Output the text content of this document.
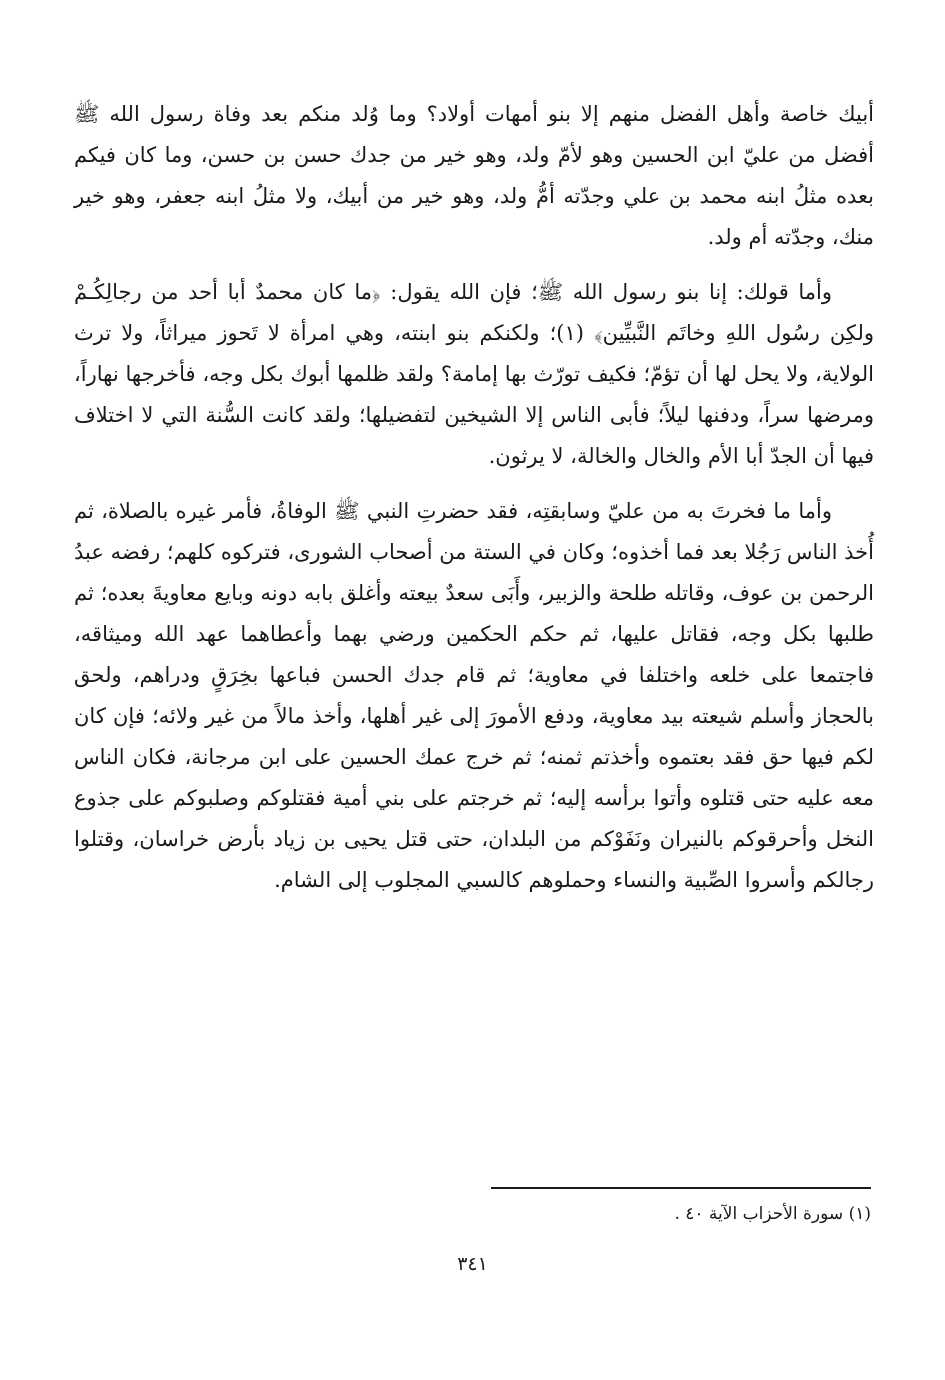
أبيك خاصة وأهل الفضل منهم إلا بنو أمهات أولاد؟ وما وُلد منكم بعد وفاة رسول الله ﷺ أفضل من عليّ ابن الحسين وهو لأمّ ولد، وهو خير من جدك حسن بن حسن، وما كان فيكم بعده مثلُ ابنه محمد بن علي وجدّته أمُّ ولد، وهو خير من أبيك، ولا مثلُ ابنه جعفر، وهو خير منك، وجدّته أم ولد.

وأما قولك: إنا بنو رسول الله ﷺ؛ فإن الله يقول: ﴿ما كان محمدٌ أبا أحد من رجالِكُـمْ ولكِن رسُول اللهِ وخاتَم النَّبيِّين﴾ (١)؛ ولكنكم بنو ابنته، وهي امرأة لا تَحوز ميراثاً، ولا ترث الولاية، ولا يحل لها أن تؤمّ؛ فكيف تورّث بها إمامة؟ ولقد ظلمها أبوك بكل وجه، فأخرجها نهاراً، ومرضها سراً، ودفنها ليلاً؛ فأبى الناس إلا الشيخين لتفضيلها؛ ولقد كانت السُّنة التي لا اختلاف فيها أن الجدّ أبا الأم والخال والخالة، لا يرثون.

وأما ما فخرتَ به من عليّ وسابقتِه، فقد حضرتِ النبي ﷺ الوفاةُ، فأمر غيره بالصلاة، ثم أُخذ الناس رَجُلا بعد فما أخذوه؛ وكان في الستة من أصحاب الشورى، فتركوه كلهم؛ رفضه عبدُ الرحمن بن عوف، وقاتله طلحة والزبير، وأَبَى سعدٌ بيعته وأغلق بابه دونه وبايع معاويةَ بعده؛ ثم طلبها بكل وجه، فقاتل عليها، ثم حكم الحكمين ورضي بهما وأعطاهما عهد الله وميثاقه، فاجتمعا على خلعه واختلفا في معاوية؛ ثم قام جدك الحسن فباعها بخِرَقٍ ودراهم، ولحق بالحجاز وأسلم شيعته بيد معاوية، ودفع الأمورَ إلى غير أهلها، وأخذ مالاً من غير ولائه؛ فإن كان لكم فيها حق فقد بعتموه وأخذتم ثمنه؛ ثم خرج عمك الحسين على ابن مرجانة، فكان الناس معه عليه حتى قتلوه وأتوا برأسه إليه؛ ثم خرجتم على بني أمية فقتلوكم وصلبوكم على جذوع النخل وأحرقوكم بالنيران ونَفَوْكم من البلدان، حتى قتل يحيى بن زياد بأرض خراسان، وقتلوا رجالكم وأسروا الصِّبية والنساء وحملوهم كالسبي المجلوب إلى الشام.

(١) سورة الأحزاب الآية ٤٠ .
٣٤١
